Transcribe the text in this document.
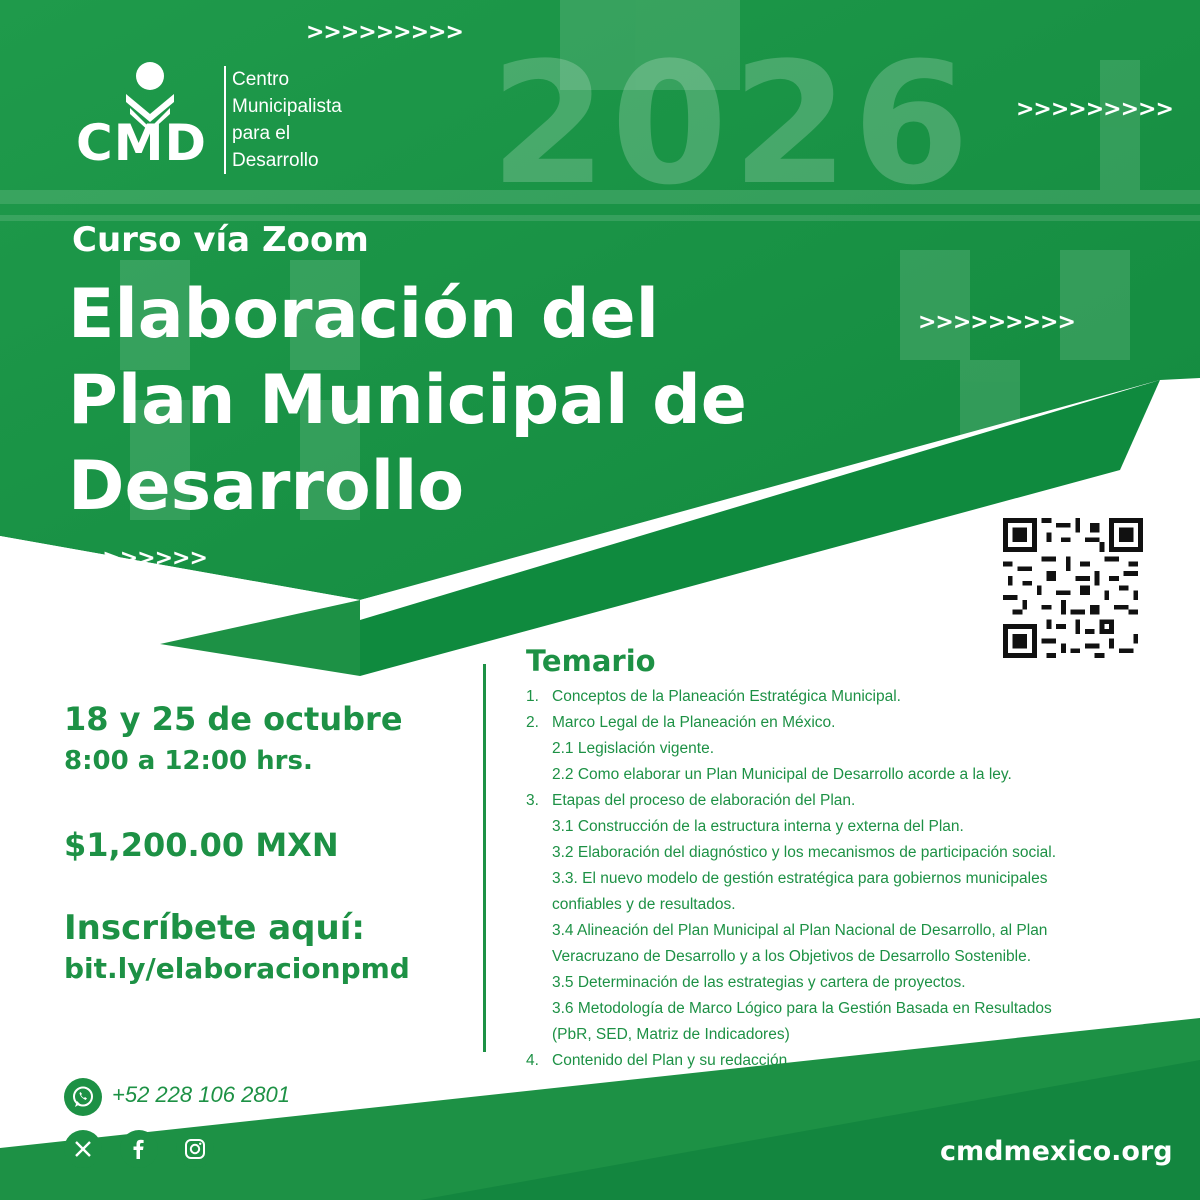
>>>>>>>>>
>>>>>>>>>
>>>>>>>>>
>>>>>>>>>
2026
CMD
Centro
Municipalista
para el
Desarrollo
Curso vía Zoom
Elaboración del
Plan Municipal de
Desarrollo
18 y 25 de octubre
8:00 a 12:00 hrs.
$1,200.00 MXN
Inscríbete aquí:
bit.ly/elaboracionpmd
Temario
1. Conceptos de la Planeación Estratégica Municipal.
2. Marco Legal de la Planeación en México.
2.1 Legislación vigente.
2.2 Como elaborar un Plan Municipal de Desarrollo acorde a la ley.
3. Etapas del proceso de elaboración del Plan.
3.1 Construcción de la estructura interna y externa del Plan.
3.2 Elaboración del diagnóstico y los mecanismos de participación social.
3.3. El nuevo modelo de gestión estratégica para gobiernos municipales
confiables y de resultados.
3.4 Alineación del Plan Municipal al Plan Nacional de Desarrollo, al Plan
Veracruzano de Desarrollo y a los Objetivos de Desarrollo Sostenible.
3.5 Determinación de las estrategias y cartera de proyectos.
3.6 Metodología de Marco Lógico para la Gestión Basada en Resultados
(PbR, SED, Matriz de Indicadores)
4. Contenido del Plan y su redacción.
+52 228 106 2801
cmdmexico.org
